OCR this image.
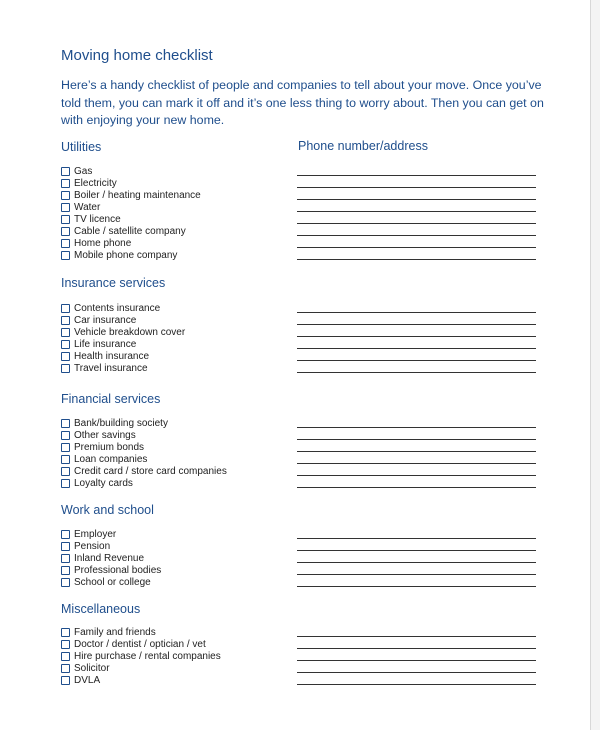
Moving home checklist
Here’s a handy checklist of people and companies to tell about your move. Once you’ve told them, you can mark it off and it’s one less thing to worry about. Then you can get on with enjoying your new home.
Phone number/address
Utilities
Gas
Electricity
Boiler / heating maintenance
Water
TV licence
Cable / satellite company
Home phone
Mobile phone company
Insurance services
Contents insurance
Car insurance
Vehicle breakdown cover
Life insurance
Health insurance
Travel insurance
Financial services
Bank/building society
Other savings
Premium bonds
Loan companies
Credit card / store card companies
Loyalty cards
Work and school
Employer
Pension
Inland Revenue
Professional bodies
School or college
Miscellaneous
Family and friends
Doctor / dentist / optician / vet
Hire purchase / rental companies
Solicitor
DVLA
